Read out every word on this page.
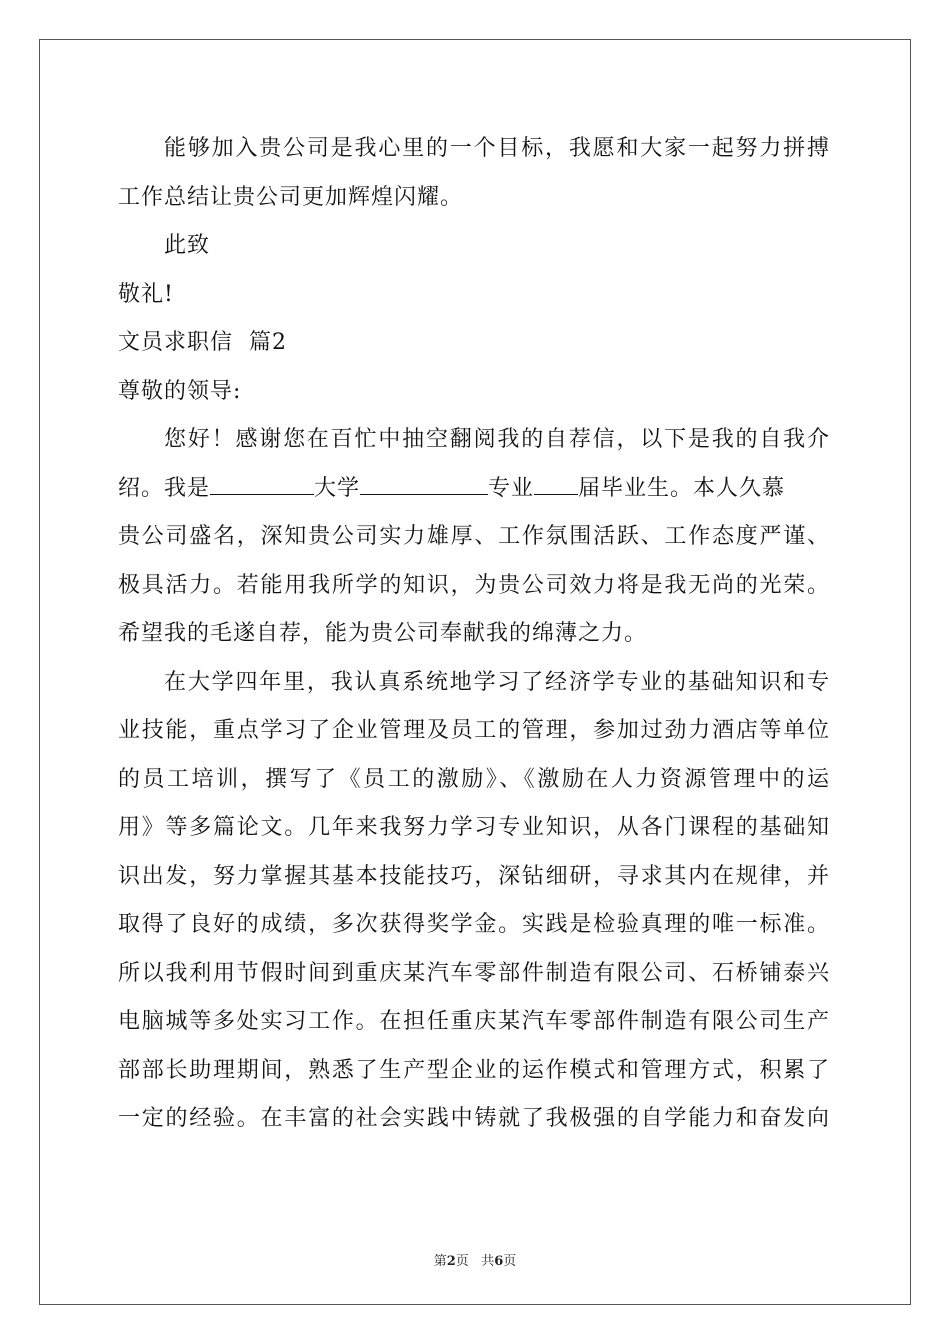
能够加入贵公司是我心里的一个目标，我愿和大家一起努力拼搏
工作总结让贵公司更加辉煌闪耀。
此致
敬礼!
文员求职信  篇2
尊敬的领导:
您好！感谢您在百忙中抽空翻阅我的自荐信，以下是我的自我介
绍。我是	大学	专业 届毕业生。本人久慕
贵公司盛名，深知贵公司实力雄厚、工作氛围活跃、工作态度严谨、
极具活力。若能用我所学的知识，为贵公司效力将是我无尚的光荣。
希望我的毛遂自荐，能为贵公司奉献我的绵薄之力。
在大学四年里，我认真系统地学习了经济学专业的基础知识和专
业技能，重点学习了企业管理及员工的管理，参加过劲力酒店等单位
的员工培训，撰写了《员工的激励》、《激励在人力资源管理中的运
用》等多篇论文。几年来我努力学习专业知识，从各门课程的基础知
识出发，努力掌握其基本技能技巧，深钻细研，寻求其内在规律，并
取得了良好的成绩，多次获得奖学金。实践是检验真理的唯一标准。
所以我利用节假时间到重庆某汽车零部件制造有限公司、石桥铺泰兴
电脑城等多处实习工作。在担任重庆某汽车零部件制造有限公司生产
部部长助理期间，熟悉了生产型企业的运作模式和管理方式，积累了
一定的经验。在丰富的社会实践中铸就了我极强的自学能力和奋发向
第2页   共6页
